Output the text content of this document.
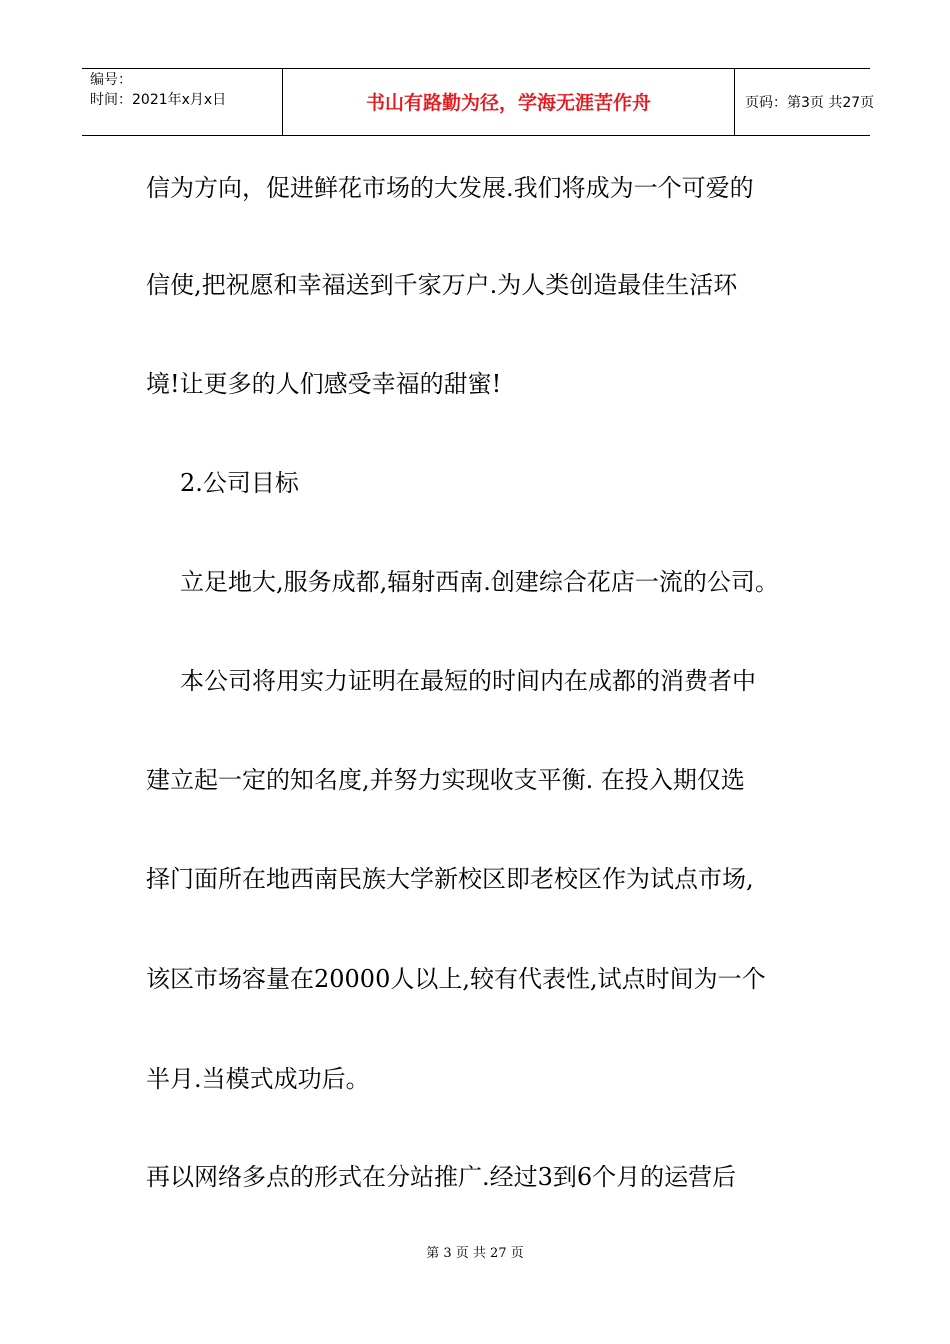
编号：
时间：2021年x月x日	书山有路勤为径，学海无涯苦作舟	页码：第3页 共27页
信为方向，促进鲜花市场的大发展.我们将成为一个可爱的
信使,把祝愿和幸福送到千家万户.为人类创造最佳生活环
境!让更多的人们感受幸福的甜蜜!
2.公司目标
立足地大,服务成都,辐射西南.创建综合花店一流的公司。
本公司将用实力证明在最短的时间内在成都的消费者中
建立起一定的知名度,并努力实现收支平衡. 在投入期仅选
择门面所在地西南民族大学新校区即老校区作为试点市场,
该区市场容量在20000人以上,较有代表性,试点时间为一个
半月.当模式成功后。
再以网络多点的形式在分站推广.经过3到6个月的运营后
第 3 页 共 27 页
